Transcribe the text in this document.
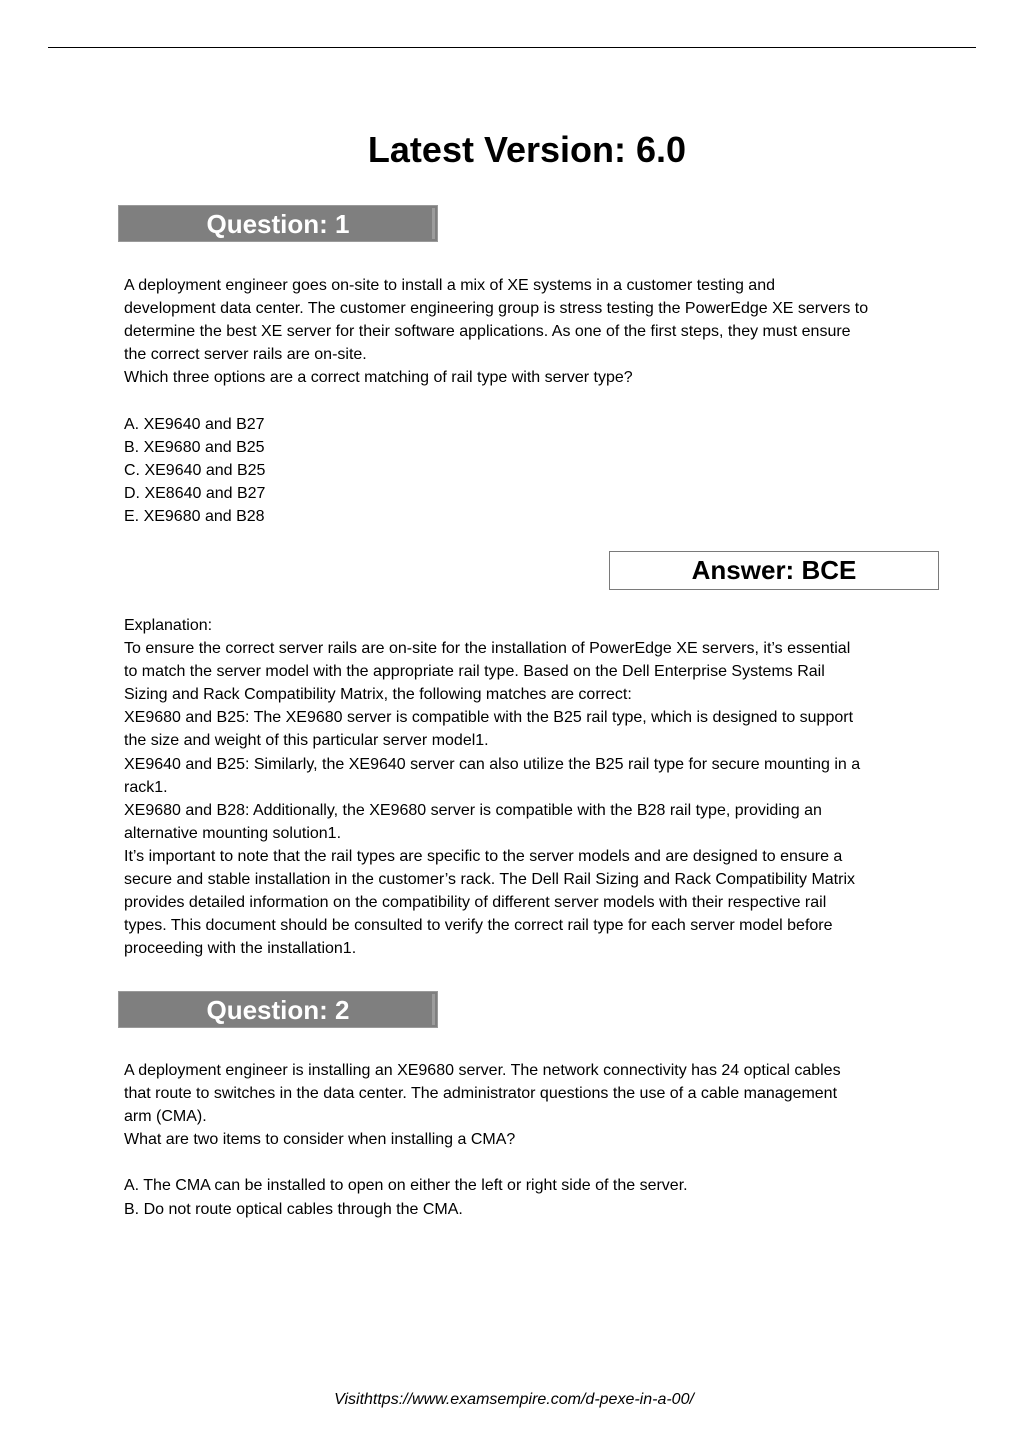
Latest Version: 6.0
Question: 1

A deployment engineer goes on-site to install a mix of XE systems in a customer testing and

development data center. The customer engineering group is stress testing the PowerEdge XE servers to

determine the best XE server for their software applications. As one of the first steps, they must ensure

the correct server rails are on-site.

Which three options are a correct matching of rail type with server type?

A. XE9640 and B27

B. XE9680 and B25

C. XE9640 and B25

D. XE8640 and B27

E. XE9680 and B28

Answer: BCE

Explanation:

To ensure the correct server rails are on-site for the installation of PowerEdge XE servers, it’s essential

to match the server model with the appropriate rail type. Based on the Dell Enterprise Systems Rail

Sizing and Rack Compatibility Matrix, the following matches are correct:

XE9680 and B25: The XE9680 server is compatible with the B25 rail type, which is designed to support

the size and weight of this particular server model1.

XE9640 and B25: Similarly, the XE9640 server can also utilize the B25 rail type for secure mounting in a

rack1.

XE9680 and B28: Additionally, the XE9680 server is compatible with the B28 rail type, providing an

alternative mounting solution1.

It’s important to note that the rail types are specific to the server models and are designed to ensure a

secure and stable installation in the customer’s rack. The Dell Rail Sizing and Rack Compatibility Matrix

provides detailed information on the compatibility of different server models with their respective rail

types. This document should be consulted to verify the correct rail type for each server model before

proceeding with the installation1.

Question: 2

A deployment engineer is installing an XE9680 server. The network connectivity has 24 optical cables

that route to switches in the data center. The administrator questions the use of a cable management

arm (CMA).

What are two items to consider when installing a CMA?

A. The CMA can be installed to open on either the left or right side of the server.

B. Do not route optical cables through the CMA.

Visithttps://www.examsempire.com/d-pexe-in-a-00/
